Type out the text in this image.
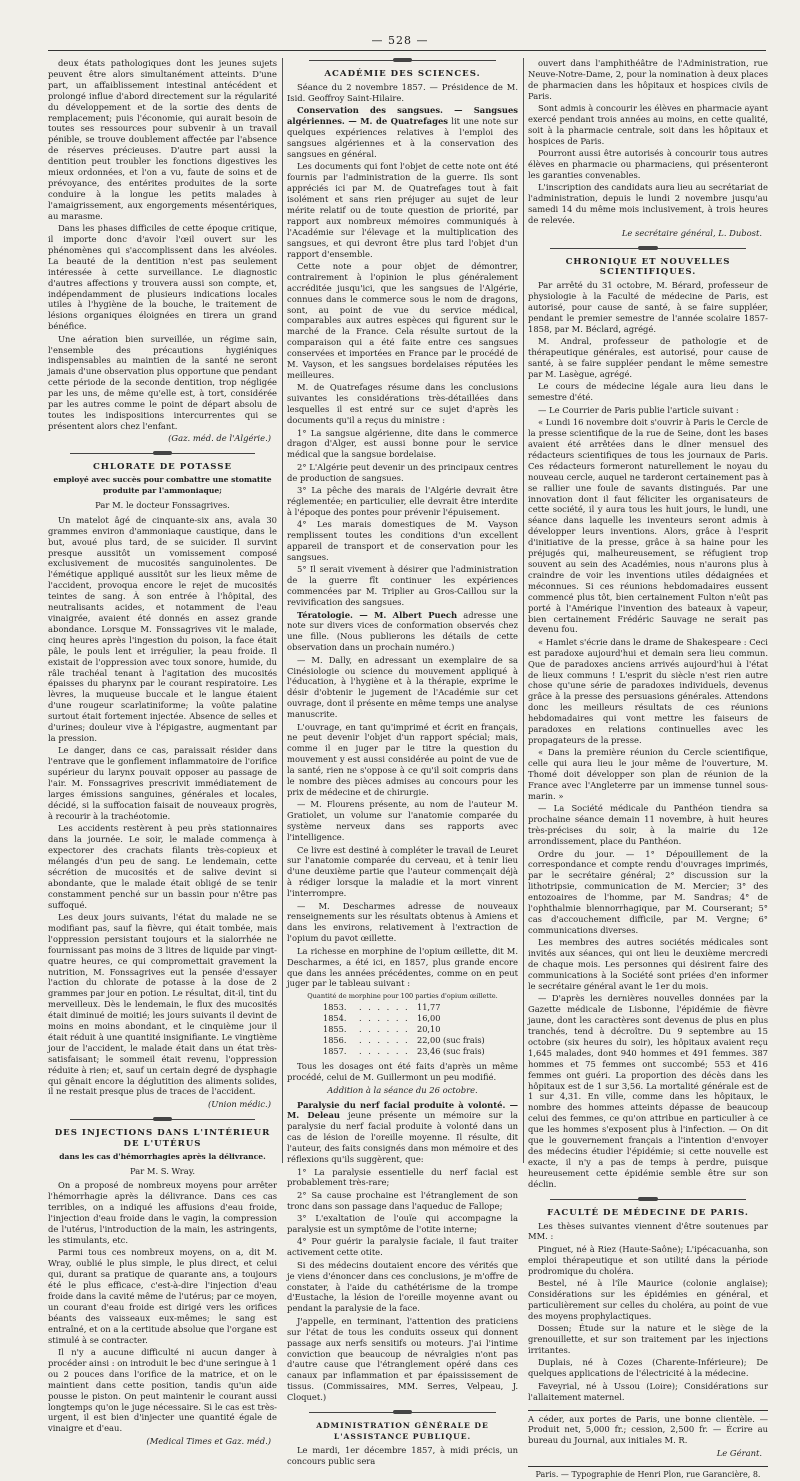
— 528 —

deux états pathologiques dont les jeunes sujets peuvent être alors simultanément atteints. D'une part, un affaiblissement intestinal antécédent et prolongé influe d'abord directement sur la régularité du développement et de la sortie des dents de remplacement; puis l'économie, qui aurait besoin de toutes ses ressources pour subvenir à un travail pénible, se trouve doublement affectée par l'absence de réserves précieuses. D'autre part aussi la dentition peut troubler les fonctions digestives les mieux ordonnées, et l'on a vu, faute de soins et de prévoyance, des entérites produites de la sorte conduire à la longue les petits malades à l'amaigrissement, aux engorgements mésentériques, au marasme.

Dans les phases difficiles de cette époque critique, il importe donc d'avoir l'œil ouvert sur les phénomènes qui s'accomplissent dans les alvéoles. La beauté de la dentition n'est pas seulement intéressée à cette surveillance. Le diagnostic d'autres affections y trouvera aussi son compte, et, indépendamment de plusieurs indications locales utiles à l'hygiène de la bouche, le traitement de lésions organiques éloignées en tirera un grand bénéfice.

Une aération bien surveillée, un régime sain, l'ensemble des précautions hygiéniques indispensables au maintien de la santé ne seront jamais d'une observation plus opportune que pendant cette période de la seconde dentition, trop négligée par les uns, de même qu'elle est, à tort, considérée par les autres comme le point de départ absolu de toutes les indispositions intercurrentes qui se présentent alors chez l'enfant.

(Gaz. méd. de l'Algérie.)
CHLORATE DE POTASSE
employé avec succès pour combattre une stomatite produite par l'ammoniaque;
Par M. le docteur Fonssagrives.

Un matelot âgé de cinquante-six ans, avala 30 grammes environ d'ammoniaque caustique, dans le but, avoué plus tard, de se suicider. Il survint presque aussitôt un vomissement composé exclusivement de mucosités sanguinolentes. De l'émétique appliqué aussitôt sur les lieux même de l'accident, provoqua encore le rejet de mucosités teintes de sang. À son entrée à l'hôpital, des neutralisants acides, et notamment de l'eau vinaigrée, avaient été donnés en assez grande abondance. Lorsque M. Fonssagrives vit le malade, cinq heures après l'ingestion du poison, la face était pâle, le pouls lent et irrégulier, la peau froide. Il existait de l'oppression avec toux sonore, humide, du râle trachéal tenant à l'agitation des mucosités épaisses du pharynx par le courant respiratoire. Les lèvres, la muqueuse buccale et le langue étaient d'une rougeur scarlatiniforme; la voûte palatine surtout était fortement injectée. Absence de selles et d'urines; douleur vive à l'épigastre, augmentant par la pression.

Le danger, dans ce cas, paraissait résider dans l'entrave que le gonflement inflammatoire de l'orifice supérieur du larynx pouvait opposer au passage de l'air. M. Fonssagrives prescrivit immédiatement de larges émissions sanguines, générales et locales, décidé, si la suffocation faisait de nouveaux progrès, à recourir à la trachéotomie.

Les accidents restèrent à peu près stationnaires dans la journée. Le soir, le malade commença à expectorer des crachats filants très-copieux et mélangés d'un peu de sang. Le lendemain, cette sécrétion de mucosités et de salive devint si abondante, que le malade était obligé de se tenir constamment penché sur un bassin pour n'être pas suffoqué.

Les deux jours suivants, l'état du malade ne se modifiant pas, sauf la fièvre, qui était tombée, mais l'oppression persistant toujours et la sialorrhée ne fournissant pas moins de 3 litres de liquide par vingt-quatre heures, ce qui compromettait gravement la nutrition, M. Fonssagrives eut la pensée d'essayer l'action du chlorate de potasse à la dose de 2 grammes par jour en potion. Le résultat, dit-il, tint du merveilleux. Dès le lendemain, le flux des mucosités était diminué de moitié; les jours suivants il devint de moins en moins abondant, et le cinquième jour il était réduit à une quantité insignifiante. Le vingtième jour de l'accident, le malade était dans un état très-satisfaisant; le sommeil était revenu, l'oppression réduite à rien; et, sauf un certain degré de dysphagie qui gênait encore la déglutition des aliments solides, il ne restait presque plus de traces de l'accident.

(Union médic.)
DES INJECTIONS DANS L'INTÉRIEUR DE L'UTÉRUS
dans les cas d'hémorrhagies après la délivrance.
Par M. S. Wray.

On a proposé de nombreux moyens pour arrêter l'hémorrhagie après la délivrance. Dans ces cas terribles, on a indiqué les affusions d'eau froide, l'injection d'eau froide dans le vagin, la compression de l'utérus, l'introduction de la main, les astringents, les stimulants, etc.

Parmi tous ces nombreux moyens, on a, dit M. Wray, oublié le plus simple, le plus direct, et celui qui, durant sa pratique de quarante ans, a toujours été le plus efficace, c'est-à-dire l'injection d'eau froide dans la cavité même de l'utérus; par ce moyen, un courant d'eau froide est dirigé vers les orifices béants des vaisseaux eux-mêmes; le sang est entraîné, et on a la certitude absolue que l'organe est stimulé à se contracter.

Il n'y a aucune difficulté ni aucun danger à procéder ainsi : on introduit le bec d'une seringue à 1 ou 2 pouces dans l'orifice de la matrice, et on le maintient dans cette position, tandis qu'un aide pousse le piston. On peut maintenir le courant aussi longtemps qu'on le juge nécessaire. Si le cas est très-urgent, il est bien d'injecter une quantité égale de vinaigre et d'eau.

(Medical Times et Gaz. méd.)
ACADÉMIE DES SCIENCES.

Séance du 2 novembre 1857. — Présidence de M. Isid. Geoffroy Saint-Hilaire.

Conservation des sangsues. — Sangsues algériennes. — M. de Quatrefages lit une note sur quelques expériences relatives à l'emploi des sangsues algériennes et à la conservation des sangsues en général.

Les documents qui font l'objet de cette note ont été fournis par l'administration de la guerre. Ils sont appréciés ici par M. de Quatrefages tout à fait isolément et sans rien préjuger au sujet de leur mérite relatif ou de toute question de priorité, par rapport aux nombreux mémoires communiqués à l'Académie sur l'élevage et la multiplication des sangsues, et qui devront être plus tard l'objet d'un rapport d'ensemble.

Cette note a pour objet de démontrer, contrairement à l'opinion le plus généralement accréditée jusqu'ici, que les sangsues de l'Algérie, connues dans le commerce sous le nom de dragons, sont, au point de vue du service médical, comparables aux autres espèces qui figurent sur le marché de la France. Cela résulte surtout de la comparaison qui a été faite entre ces sangsues conservées et importées en France par le procédé de M. Vayson, et les sangsues bordelaises réputées les meilleures.

M. de Quatrefages résume dans les conclusions suivantes les considérations très-détaillées dans lesquelles il est entré sur ce sujet d'après les documents qu'il a reçus du ministre :

1° La sangsue algérienne, dite dans le commerce dragon d'Alger, est aussi bonne pour le service médical que la sangsue bordelaise.

2° L'Algérie peut devenir un des principaux centres de production de sangsues.

3° La pêche des marais de l'Algérie devrait être réglementée; en particulier, elle devrait être interdite à l'époque des pontes pour prévenir l'épuisement.

4° Les marais domestiques de M. Vayson remplissent toutes les conditions d'un excellent appareil de transport et de conservation pour les sangsues.

5° Il serait vivement à désirer que l'administration de la guerre fît continuer les expériences commencées par M. Triplier au Gros-Caillou sur la revivification des sangsues.

Tératologie. — M. Albert Puech adresse une note sur divers vices de conformation observés chez une fille. (Nous publierons les détails de cette observation dans un prochain numéro.)

— M. Dally, en adressant un exemplaire de sa Cinésiologie ou science du mouvement appliqué à l'éducation, à l'hygiène et à la thérapie, exprime le désir d'obtenir le jugement de l'Académie sur cet ouvrage, dont il présente en même temps une analyse manuscrite.

L'ouvrage, en tant qu'imprimé et écrit en français, ne peut devenir l'objet d'un rapport spécial; mais, comme il en juger par le titre la question du mouvement y est aussi considérée au point de vue de la santé, rien ne s'oppose à ce qu'il soit compris dans le nombre des pièces admises au concours pour les prix de médecine et de chirurgie.

— M. Flourens présente, au nom de l'auteur M. Gratiolet, un volume sur l'anatomie comparée du système nerveux dans ses rapports avec l'intelligence.

Ce livre est destiné à compléter le travail de Leuret sur l'anatomie comparée du cerveau, et à tenir lieu d'une deuxième partie que l'auteur commençait déjà à rédiger lorsque la maladie et la mort vinrent l'interrompre.

— M. Descharmes adresse de nouveaux renseignements sur les résultats obtenus à Amiens et dans les environs, relativement à l'extraction de l'opium du pavot œillette.

La richesse en morphine de l'opium œillette, dit M. Descharmes, a été ici, en 1857, plus grande encore que dans les années précédentes, comme on en peut juger par le tableau suivant :

Quantité de morphine pour 100 parties d'opium œillette.
1853.	. . . . . . 11,77
1854.	. . . . . . 16,00
1855.	. . . . . . 20,10
1856.	. . . . . . 22,00 (suc frais)
1857.	. . . . . . 23,46 (suc frais)

Tous les dosages ont été faits d'après un même procédé, celui de M. Guillermont un peu modifié.

Addition à la séance du 26 octobre.

Paralysie du nerf facial produite à volonté. — M. Deleau jeune présente un mémoire sur la paralysie du nerf facial produite à volonté dans un cas de lésion de l'oreille moyenne. Il résulte, dit l'auteur, des faits consignés dans mon mémoire et des réflexions qu'ils suggèrent, que:

1° La paralysie essentielle du nerf facial est probablement très-rare;

2° Sa cause prochaine est l'étranglement de son tronc dans son passage dans l'aqueduc de Fallope;

3° L'exaltation de l'ouïe qui accompagne la paralysie est un symptôme de l'otite interne;

4° Pour guérir la paralysie faciale, il faut traiter activement cette otite.

Si des médecins doutaient encore des vérités que je viens d'énoncer dans ces conclusions, je m'offre de constater, à l'aide du cathétérisme de la trompe d'Eustache, la lésion de l'oreille moyenne avant ou pendant la paralysie de la face.

J'appelle, en terminant, l'attention des praticiens sur l'état de tous les conduits osseux qui donnent passage aux nerfs sensitifs ou moteurs. J'ai l'intime conviction que beaucoup de névralgies n'ont pas d'autre cause que l'étranglement opéré dans ces canaux par inflammation et par épaississement de tissus. (Commissaires, MM. Serres, Velpeau, J. Cloquet.)

ADMINISTRATION GÉNÉRALE DE L'ASSISTANCE PUBLIQUE.

Le mardi, 1er décembre 1857, à midi précis, un concours public sera

ouvert dans l'amphithéâtre de l'Administration, rue Neuve-Notre-Dame, 2, pour la nomination à deux places de pharmacien dans les hôpitaux et hospices civils de Paris.

Sont admis à concourir les élèves en pharmacie ayant exercé pendant trois années au moins, en cette qualité, soit à la pharmacie centrale, soit dans les hôpitaux et hospices de Paris.

Pourront aussi être autorisés à concourir tous autres élèves en pharmacie ou pharmaciens, qui présenteront les garanties convenables.

L'inscription des candidats aura lieu au secrétariat de l'administration, depuis le lundi 2 novembre jusqu'au samedi 14 du même mois inclusivement, à trois heures de relevée.

Le secrétaire général, L. Dubost.
CHRONIQUE ET NOUVELLES SCIENTIFIQUES.

Par arrêté du 31 octobre, M. Bérard, professeur de physiologie à la Faculté de médecine de Paris, est autorisé, pour cause de santé, à se faire suppléer, pendant le premier semestre de l'année scolaire 1857-1858, par M. Béclard, agrégé.

M. Andral, professeur de pathologie et de thérapeutique générales, est autorisé, pour cause de santé, à se faire suppléer pendant le même semestre par M. Lasègue, agrégé.

Le cours de médecine légale aura lieu dans le semestre d'été.

— Le Courrier de Paris publie l'article suivant :

« Lundi 16 novembre doit s'ouvrir à Paris le Cercle de la presse scientifique de la rue de Seine, dont les bases avaient été arrêtées dans le dîner mensuel des rédacteurs scientifiques de tous les journaux de Paris. Ces rédacteurs formeront naturellement le noyau du nouveau cercle, auquel ne tarderont certainement pas à se rallier une foule de savants distingués. Par une innovation dont il faut féliciter les organisateurs de cette société, il y aura tous les huit jours, le lundi, une séance dans laquelle les inventeurs seront admis à développer leurs inventions. Alors, grâce à l'esprit d'initiative de la presse, grâce à sa haine pour les préjugés qui, malheureusement, se réfugient trop souvent au sein des Académies, nous n'aurons plus à craindre de voir les inventions utiles dédaignées et méconnues. Si ces réunions hebdomadaires eussent commencé plus tôt, bien certainement Fulton n'eût pas porté à l'Amérique l'invention des bateaux à vapeur, bien certainement Frédéric Sauvage ne serait pas devenu fou.

« Hamlet s'écrie dans le drame de Shakespeare : Ceci est paradoxe aujourd'hui et demain sera lieu commun. Que de paradoxes anciens arrivés aujourd'hui à l'état de lieux communs ! L'esprit du siècle n'est rien autre chose qu'une série de paradoxes individuels, devenus grâce à la presse des persuasions générales. Attendons donc les meilleurs résultats de ces réunions hebdomadaires qui vont mettre les faiseurs de paradoxes en relations continuelles avec les propagateurs de la presse.

« Dans la première réunion du Cercle scientifique, celle qui aura lieu le jour même de l'ouverture, M. Thomé doit développer son plan de réunion de la France avec l'Angleterre par un immense tunnel sous-marin. »

— La Société médicale du Panthéon tiendra sa prochaine séance demain 11 novembre, à huit heures très-précises du soir, à la mairie du 12e arrondissement, place du Panthéon.

Ordre du jour. — 1° Dépouillement de la correspondance et compte rendu d'ouvrages imprimés, par le secrétaire général; 2° discussion sur la lithotripsie, communication de M. Mercier; 3° des entozoaires de l'homme, par M. Sandras; 4° de l'ophthalmie blennorrhagique, par M. Courserant; 5° cas d'accouchement difficile, par M. Vergne; 6° communications diverses.

Les membres des autres sociétés médicales sont invités aux séances, qui ont lieu le deuxième mercredi de chaque mois. Les personnes qui désirent faire des communications à la Société sont priées d'en informer le secrétaire général avant le 1er du mois.

— D'après les dernières nouvelles données par la Gazette médicale de Lisbonne, l'épidémie de fièvre jaune, dont les caractères sont devenus de plus en plus tranchés, tend à décroître. Du 9 septembre au 15 octobre (six heures du soir), les hôpitaux avaient reçu 1,645 malades, dont 940 hommes et 491 femmes. 387 hommes et 75 femmes ont succombé; 553 et 416 femmes ont guéri. La proportion des décès dans les hôpitaux est de 1 sur 3,56. La mortalité générale est de 1 sur 4,31. En ville, comme dans les hôpitaux, le nombre des hommes atteints dépasse de beaucoup celui des femmes, ce qu'on attribue en particulier à ce que les hommes s'exposent plus à l'infection. — On dit que le gouvernement français a l'intention d'envoyer des médecins étudier l'épidémie; si cette nouvelle est exacte, il n'y a pas de temps à perdre, puisque heureusement cette épidémie semble être sur son déclin.

FACULTÉ DE MÉDECINE DE PARIS.

Les thèses suivantes viennent d'être soutenues par MM. :

Pinguet, né à Riez (Haute-Saône); L'ipécacuanha, son emploi thérapeutique et son utilité dans la période prodromique du choléra.

Bestel, né à l'île Maurice (colonie anglaise); Considérations sur les épidémies en général, et particulièrement sur celles du choléra, au point de vue des moyens prophylactiques.

Dossen; Étude sur la nature et le siège de la grenouillette, et sur son traitement par les injections irritantes.

Duplais, né à Cozes (Charente-Inférieure); De quelques applications de l'électricité à la médecine.

Faveyrial, né à Ussou (Loire); Considérations sur l'allaitement maternel.

A céder, aux portes de Paris, une bonne clientèle. — Produit net, 5,000 fr.; cession, 2,500 fr. — Écrire au bureau du Journal, aux initiales M. R.

Le Gérant.
Paris. — Typographie de Henri Plon, rue Garancière, 8.
